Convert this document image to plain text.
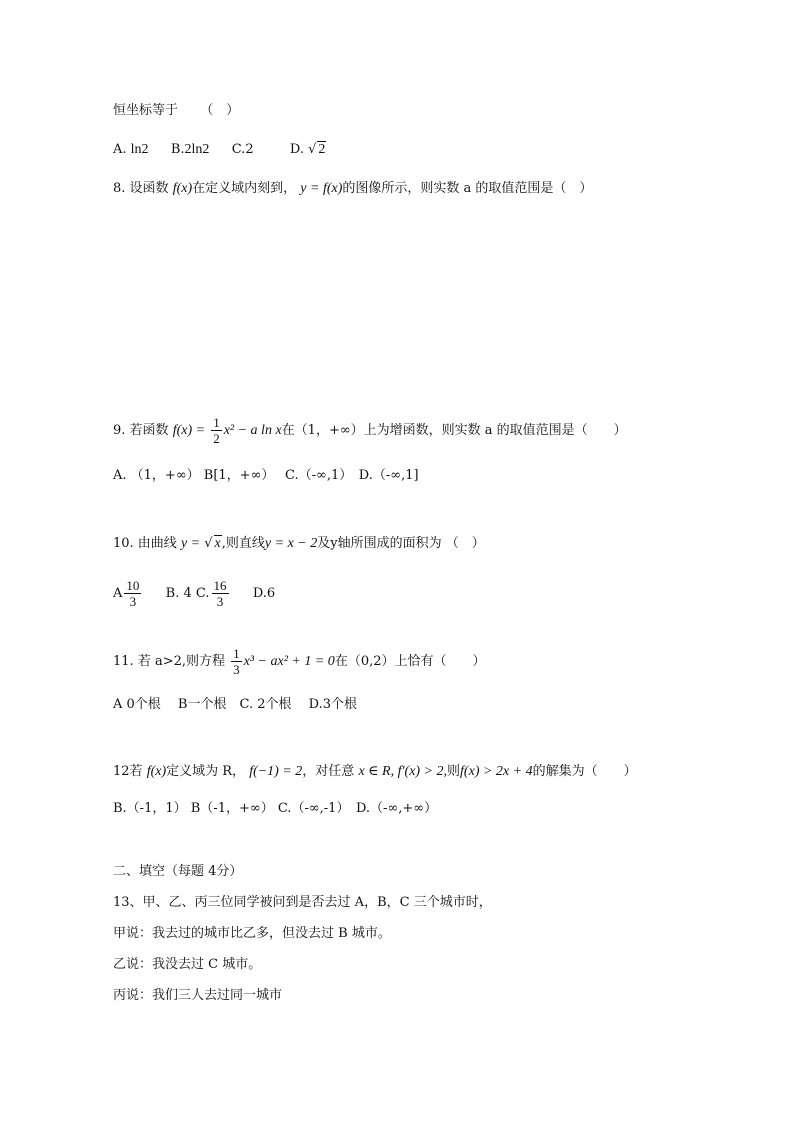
恒坐标等于 （　）
A. ln2 B.2ln2 C.2	D. √ 2
8. 设函数 f(x)在定义域内刻到， y = f(x)的图像所示，则实数 a 的取值范围是（　）
9. 若函数 $f(x) = \frac{1}{2} x^2 - a$ ln x在（1，+∞）上为增函数，则实数 a 的取值范围是（　　）
A. （1，+∞） B[1，+∞）　 C.（-∞,1）　D.（-∞,1]
10. 由曲线 y = √ x,则直线y = x − 2及y轴所围成的面积为 （　）
A $\frac{10}{3} B$. 4 C. $\frac{16}{3} D.6$
11. 若 a>2,则方程 $\frac{1}{3} x^3 - ax^2 + 1 = 0$在（0,2）上恰有（　　）
A 0个根　 B一个根　C. 2个根　 D.3个根
12若 f(x)定义域为 R， f(−1) = 2，对任意 x ∈ R, f′(x) > 2,则f(x) > 2x + 4的解集为（　　）
B.（-1，1） B（-1，+∞） C.（-∞,-1）　D.（-∞,+∞）
二、填空（每题 4分）
13、甲、乙、丙三位同学被问到是否去过 A，B，C 三个城市时，
甲说：我去过的城市比乙多，但没去过 B 城市。
乙说：我没去过 C 城市。
丙说：我们三人去过同一城市
